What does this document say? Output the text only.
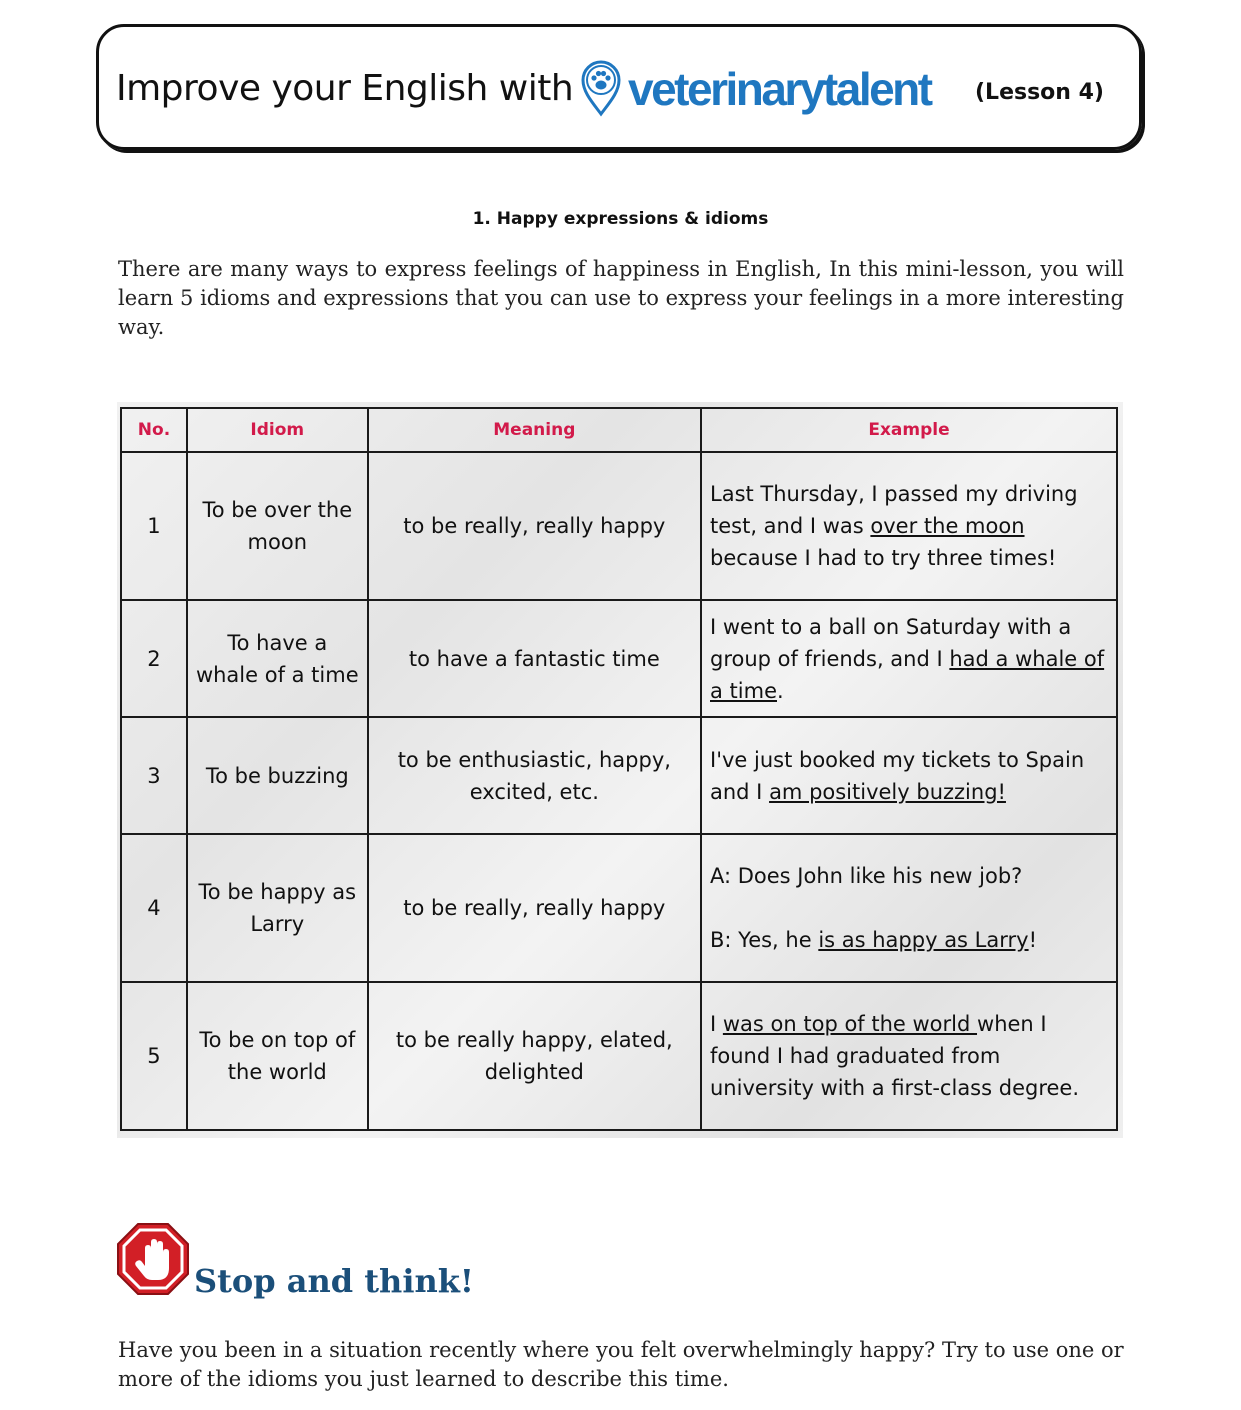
Improve your English with veterinarytalent (Lesson 4)
1. Happy expressions & idioms
There are many ways to express feelings of happiness in English, In this mini-lesson, you will learn 5 idioms and expressions that you can use to express your feelings in a more interesting way.
No.	Idiom	Meaning	Example
1	To be over the moon	to be really, really happy	Last Thursday, I passed my driving test, and I was over the moon because I had to try three times!
2	To have a whale of a time	to have a fantastic time	I went to a ball on Saturday with a group of friends, and I had a whale of a time.
3	To be buzzing	to be enthusiastic, happy, excited, etc.	I've just booked my tickets to Spain and I am positively buzzing!
4	To be happy as Larry	to be really, really happy	A: Does John like his new job?
B: Yes, he is as happy as Larry!

5	To be on top of the world	to be really happy, elated, delighted	I was on top of the world when I found I had graduated from university with a first-class degree.
Stop and think!
Have you been in a situation recently where you felt overwhelmingly happy? Try to use one or more of the idioms you just learned to describe this time.
